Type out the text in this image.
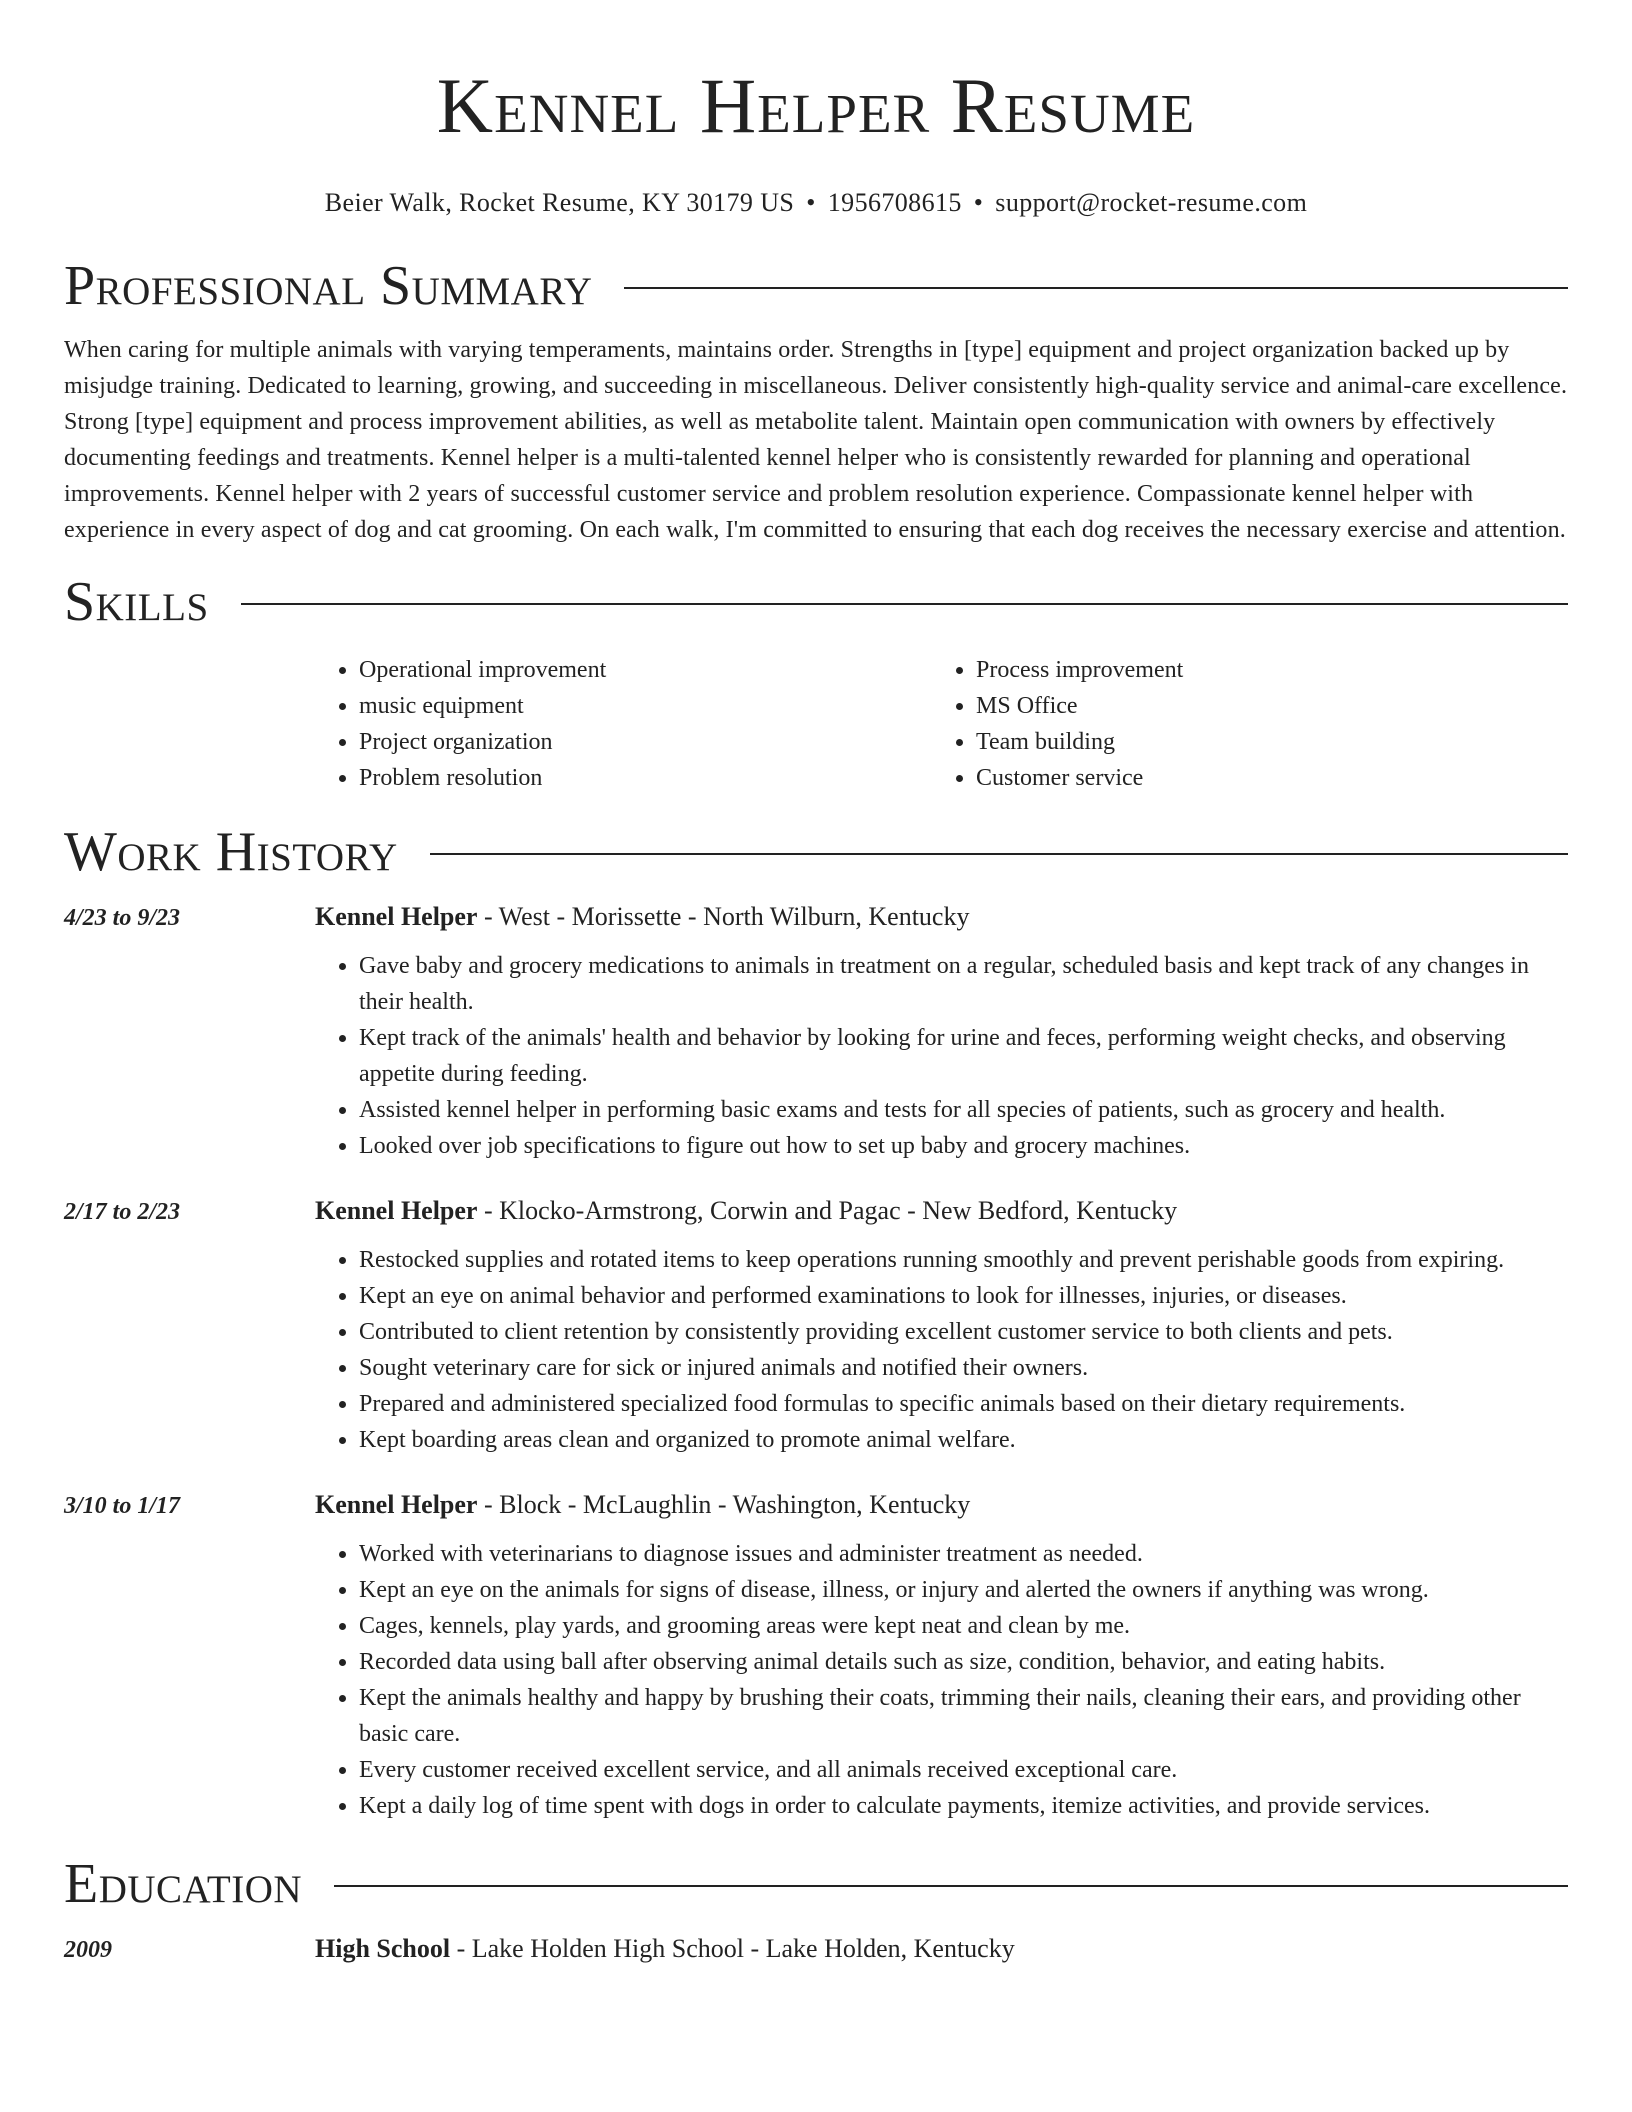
Kennel Helper Resume
Beier Walk, Rocket Resume, KY 30179 US • 1956708615 • support@rocket-resume.com
Professional Summary

When caring for multiple animals with varying temperaments, maintains order. Strengths in [type] equipment and project organization backed up by misjudge training. Dedicated to learning, growing, and succeeding in miscellaneous. Deliver consistently high-quality service and animal-care excellence. Strong [type] equipment and process improvement abilities, as well as metabolite talent. Maintain open communication with owners by effectively documenting feedings and treatments. Kennel helper is a multi-talented kennel helper who is consistently rewarded for planning and operational improvements. Kennel helper with 2 years of successful customer service and problem resolution experience. Compassionate kennel helper with experience in every aspect of dog and cat grooming. On each walk, I'm committed to ensuring that each dog receives the necessary exercise and attention.

Skills
• Operational improvement
• music equipment
• Project organization
• Problem resolution
• Process improvement
• MS Office
• Team building
• Customer service
Work History
4/23 to 9/23	Kennel Helper - West - Morissette - North Wilburn, Kentucky
• Gave baby and grocery medications to animals in treatment on a regular, scheduled basis and kept track of any changes in their health.
• Kept track of the animals' health and behavior by looking for urine and feces, performing weight checks, and observing appetite during feeding.
• Assisted kennel helper in performing basic exams and tests for all species of patients, such as grocery and health.
• Looked over job specifications to figure out how to set up baby and grocery machines.
2/17 to 2/23	Kennel Helper - Klocko-Armstrong, Corwin and Pagac - New Bedford, Kentucky
• Restocked supplies and rotated items to keep operations running smoothly and prevent perishable goods from expiring.
• Kept an eye on animal behavior and performed examinations to look for illnesses, injuries, or diseases.
• Contributed to client retention by consistently providing excellent customer service to both clients and pets.
• Sought veterinary care for sick or injured animals and notified their owners.
• Prepared and administered specialized food formulas to specific animals based on their dietary requirements.
• Kept boarding areas clean and organized to promote animal welfare.
3/10 to 1/17	Kennel Helper - Block - McLaughlin - Washington, Kentucky
• Worked with veterinarians to diagnose issues and administer treatment as needed.
• Kept an eye on the animals for signs of disease, illness, or injury and alerted the owners if anything was wrong.
• Cages, kennels, play yards, and grooming areas were kept neat and clean by me.
• Recorded data using ball after observing animal details such as size, condition, behavior, and eating habits.
• Kept the animals healthy and happy by brushing their coats, trimming their nails, cleaning their ears, and providing other basic care.
• Every customer received excellent service, and all animals received exceptional care.
• Kept a daily log of time spent with dogs in order to calculate payments, itemize activities, and provide services.
Education
2009	High School - Lake Holden High School - Lake Holden, Kentucky
